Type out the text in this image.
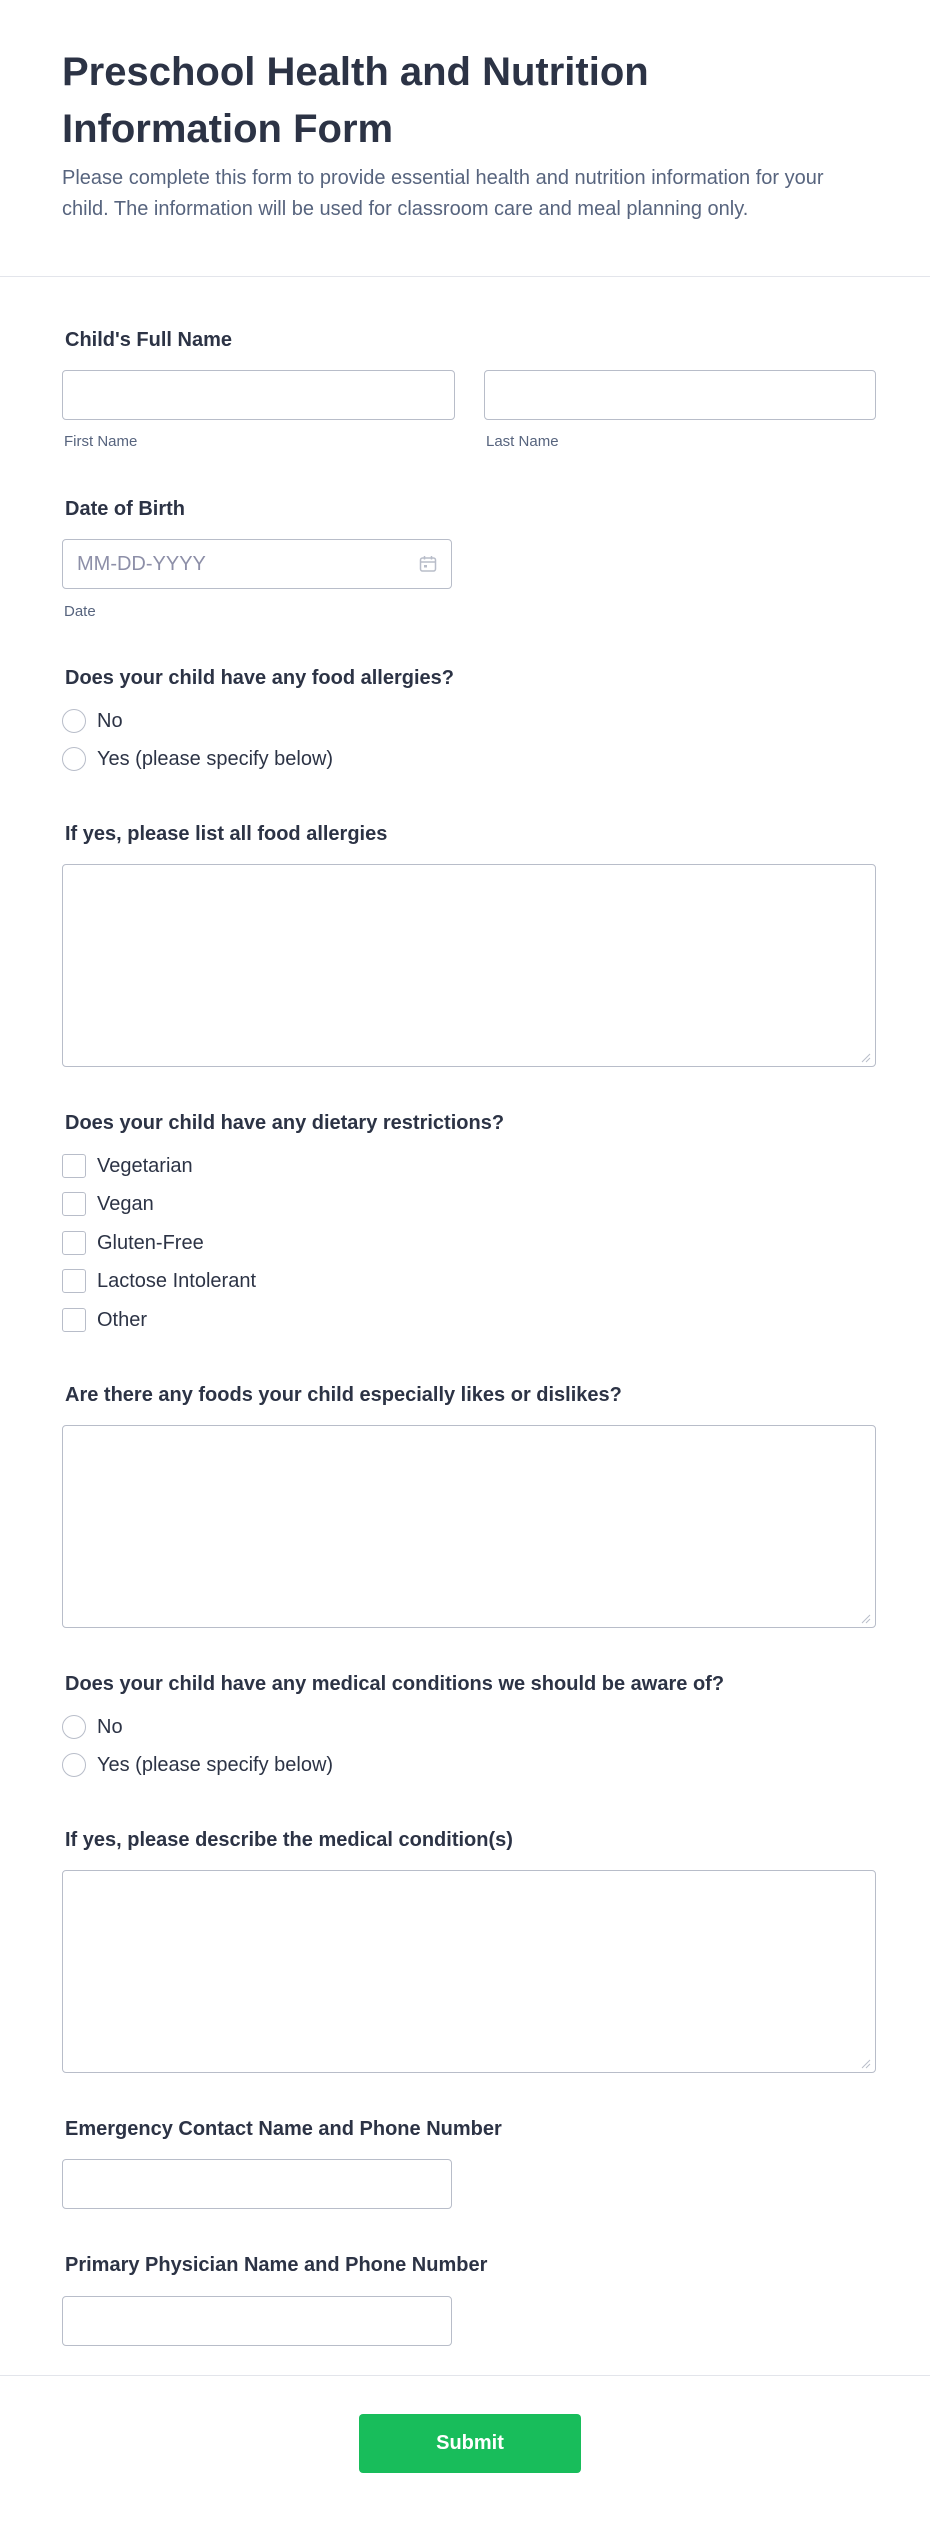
Preschool Health and Nutrition Information Form

Please complete this form to provide essential health and nutrition information for your child. The information will be used for classroom care and meal planning only.

Child's Full Name
First Name	Last Name
Date of Birth
MM-DD-YYYY
Date
Does your child have any food allergies?
No
Yes (please specify below)
If yes, please list all food allergies
Does your child have any dietary restrictions?
Vegetarian
Vegan
Gluten-Free
Lactose Intolerant
Other
Are there any foods your child especially likes or dislikes?
Does your child have any medical conditions we should be aware of?
No
Yes (please specify below)
If yes, please describe the medical condition(s)
Emergency Contact Name and Phone Number
Primary Physician Name and Phone Number
Submit
